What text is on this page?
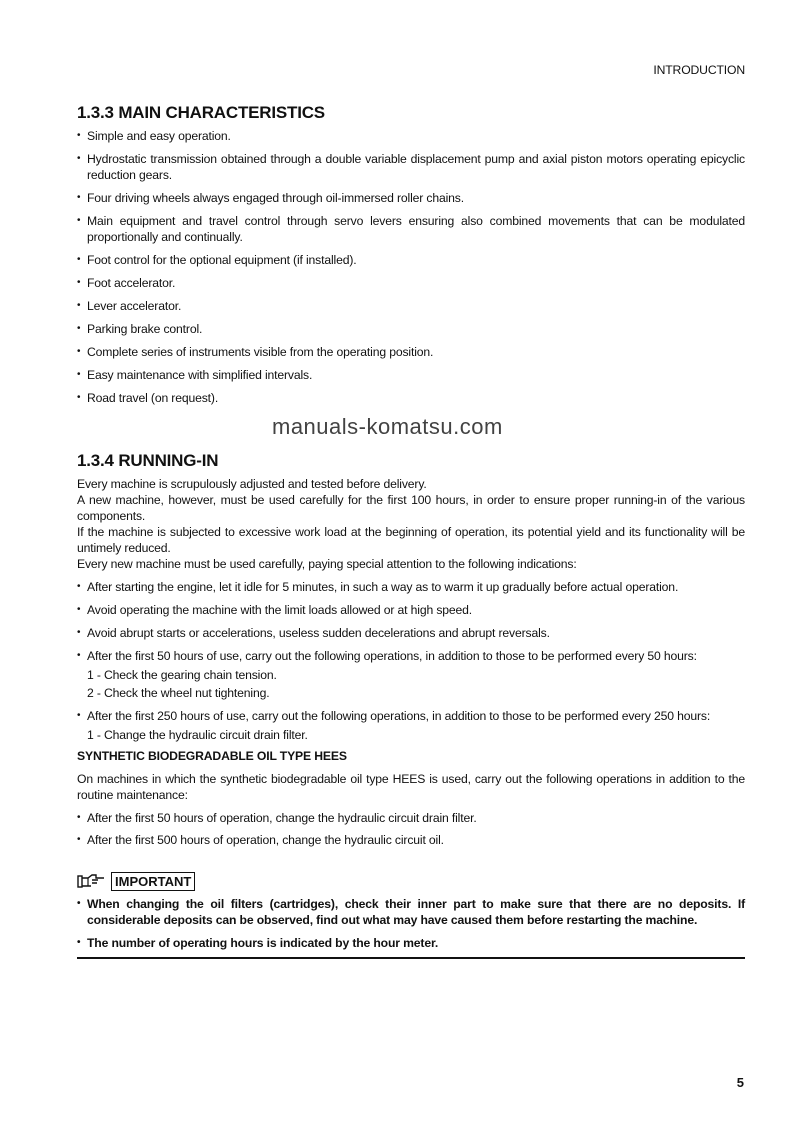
INTRODUCTION
1.3.3 MAIN CHARACTERISTICS
• Simple and easy operation.
• Hydrostatic transmission obtained through a double variable displacement pump and axial piston motors operating epicyclic reduction gears.
• Four driving wheels always engaged through oil-immersed roller chains.
• Main equipment and travel control through servo levers ensuring also combined movements that can be modulated proportionally and continually.
• Foot control for the optional equipment (if installed).
• Foot accelerator.
• Lever accelerator.
• Parking brake control.
• Complete series of instruments visible from the operating position.
• Easy maintenance with simplified intervals.
• Road travel (on request).
manuals-komatsu.com
1.3.4 RUNNING-IN
Every machine is scrupulously adjusted and tested before delivery.
A new machine, however, must be used carefully for the first 100 hours, in order to ensure proper running-in of the various components.
If the machine is subjected to excessive work load at the beginning of operation, its potential yield and its functionality will be untimely reduced.
Every new machine must be used carefully, paying special attention to the following indications:
• After starting the engine, let it idle for 5 minutes, in such a way as to warm it up gradually before actual operation.
• Avoid operating the machine with the limit loads allowed or at high speed.
• Avoid abrupt starts or accelerations, useless sudden decelerations and abrupt reversals.
• After the first 50 hours of use, carry out the following operations, in addition to those to be performed every 50 hours:
1 - Check the gearing chain tension.
2 - Check the wheel nut tightening.
• After the first 250 hours of use, carry out the following operations, in addition to those to be performed every 250 hours:
1 - Change the hydraulic circuit drain filter.
SYNTHETIC BIODEGRADABLE OIL TYPE HEES
On machines in which the synthetic biodegradable oil type HEES is used, carry out the following operations in addition to the routine maintenance:
• After the first 50 hours of operation, change the hydraulic circuit drain filter.
• After the first 500 hours of operation, change the hydraulic circuit oil.
IMPORTANT
• When changing the oil filters (cartridges), check their inner part to make sure that there are no deposits. If considerable deposits can be observed, find out what may have caused them before restarting the machine.
• The number of operating hours is indicated by the hour meter.
5
